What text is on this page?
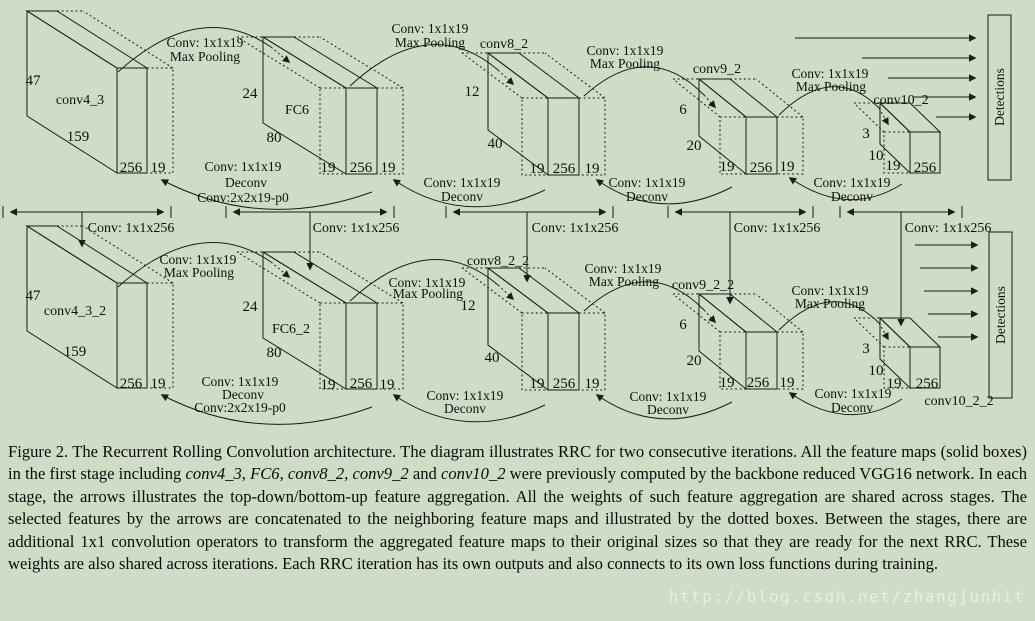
Conv: 1x1x19
Max Pooling
Conv: 1x1x19
Max Pooling
Conv: 1x1x19
Max Pooling
Conv: 1x1x19
Max Pooling
Conv: 1x1x19
Deconv
Conv:2x2x19-p0
Conv: 1x1x19
Deconv
Conv: 1x1x19
Deconv
Conv: 1x1x19
Deconv
conv4_3
47
159
256 19
FC6
24
80
256
19	19
conv8_2
12
40
256
19	19
conv9_2
6
20
256
19	19
conv10_2
3
10
256
19
Conv: 1x1x19
Max Pooling
Conv: 1x1x19
Max Pooling
Conv: 1x1x19
Max Pooling
Conv: 1x1x19
Max Pooling
Conv: 1x1x19
Deconv
Conv:2x2x19-p0
Conv: 1x1x19
Deconv
Conv: 1x1x19
Deconv
Conv: 1x1x19
Deconv
conv4_3_2
47
159
256 19
FC6_2
24
80
256
19	19
conv8_2_2
12
40
256
19	19
conv9_2_2
6
20
256
19	19
conv10_2_2
3
10
256
19
Conv: 1x1x256	Conv: 1x1x256	Conv: 1x1x256	Conv: 1x1x256	Conv: 1x1x256
Detections
Detections

Figure 2. The Recurrent Rolling Convolution architecture. The diagram illustrates RRC for two consecutive iterations. All the feature maps (solid boxes) in the first stage including conv4_3, FC6, conv8_2, conv9_2 and conv10_2 were previously computed by the backbone reduced VGG16 network. In each stage, the arrows illustrates the top-down/bottom-up feature aggregation. All the weights of such feature aggregation are shared across stages. The selected features by the arrows are concatenated to the neighboring feature maps and illustrated by the dotted boxes. Between the stages, there are additional 1x1 convolution operators to transform the aggregated feature maps to their original sizes so that they are ready for the next RRC. These weights are also shared across iterations. Each RRC iteration has its own outputs and also connects to its own loss functions during training.

http://blog.csdn.net/zhangjunhit
